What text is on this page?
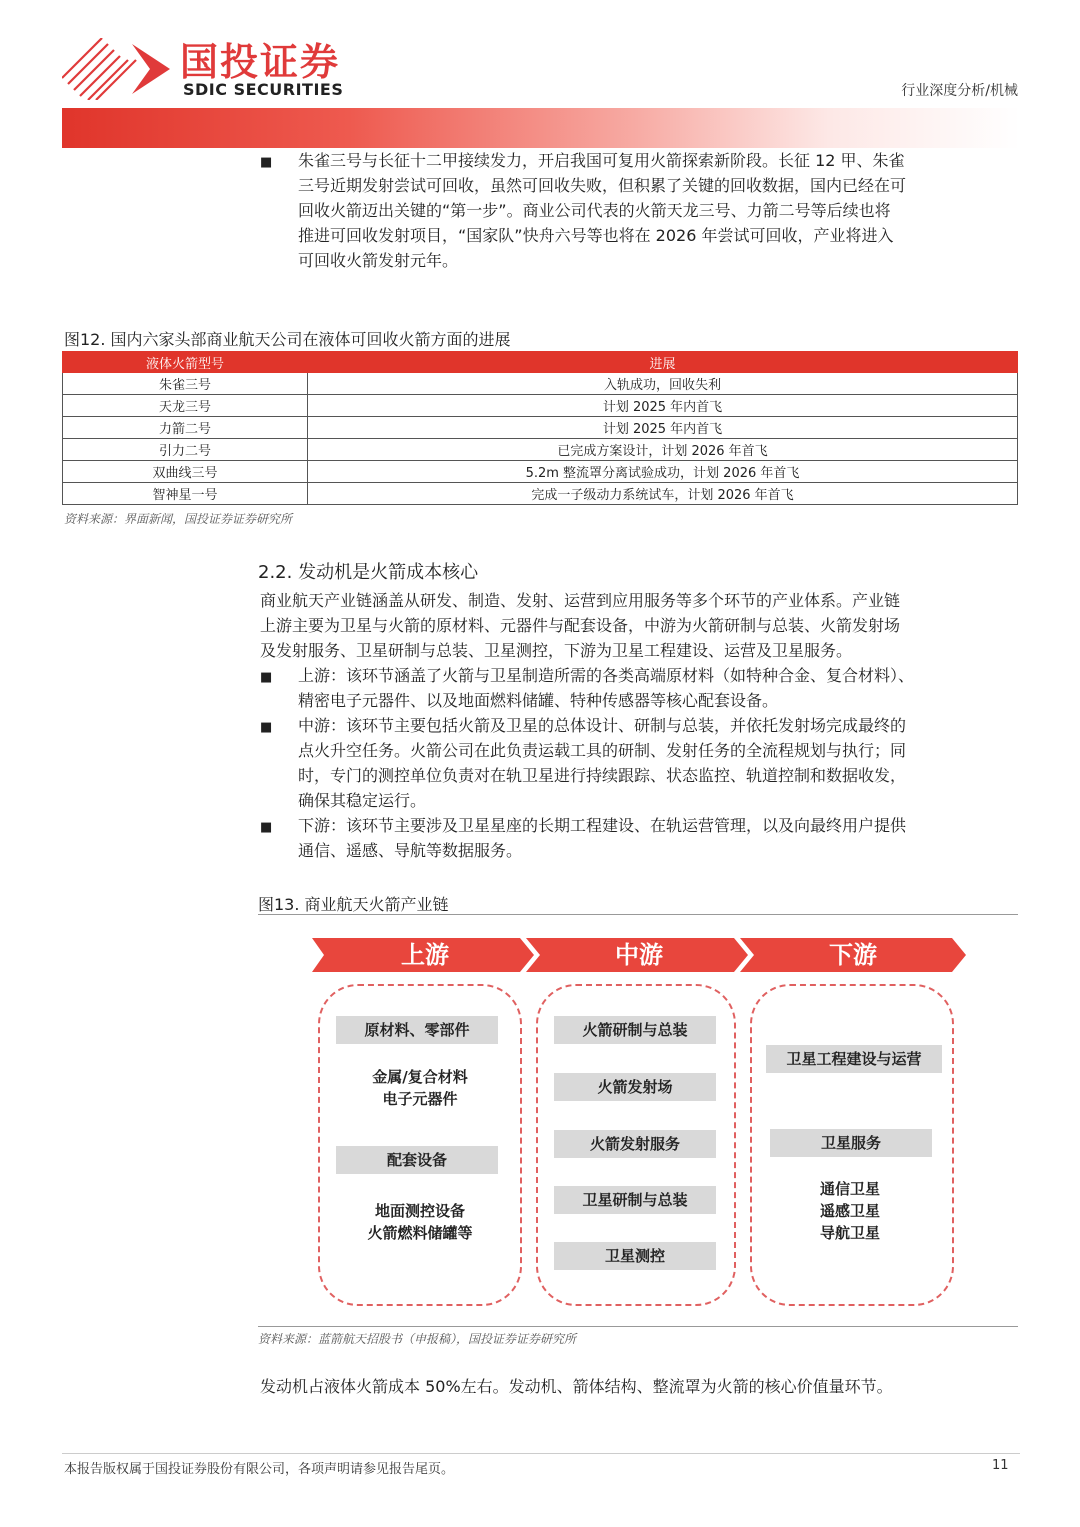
国投证券
SDIC SECURITIES	行业深度分析/机械
■ 朱雀三号与长征十二甲接续发力，开启我国可复用火箭探索新阶段。长征 12 甲、朱雀
三号近期发射尝试可回收，虽然可回收失败，但积累了关键的回收数据，国内已经在可
回收火箭迈出关键的“第一步”。商业公司代表的火箭天龙三号、力箭二号等后续也将
推进可回收发射项目，“国家队”快舟六号等也将在 2026 年尝试可回收，产业将进入
可回收火箭发射元年。
图12. 国内六家头部商业航天公司在液体可回收火箭方面的进展
液体火箭型号	进展
朱雀三号	入轨成功，回收失利
天龙三号	计划 2025 年内首飞
力箭二号	计划 2025 年内首飞
引力二号	已完成方案设计，计划 2026 年首飞
双曲线三号	5.2m 整流罩分离试验成功，计划 2026 年首飞
智神星一号	完成一子级动力系统试车，计划 2026 年首飞
资料来源：界面新闻，国投证券证券研究所
2.2. 发动机是火箭成本核心
商业航天产业链涵盖从研发、制造、发射、运营到应用服务等多个环节的产业体系。产业链
上游主要为卫星与火箭的原材料、元器件与配套设备，中游为火箭研制与总装、火箭发射场
及发射服务、卫星研制与总装、卫星测控，下游为卫星工程建设、运营及卫星服务。
■ 上游：该环节涵盖了火箭与卫星制造所需的各类高端原材料（如特种合金、复合材料）、
精密电子元器件、以及地面燃料储罐、特种传感器等核心配套设备。
■ 中游：该环节主要包括火箭及卫星的总体设计、研制与总装，并依托发射场完成最终的
点火升空任务。火箭公司在此负责运载工具的研制、发射任务的全流程规划与执行；同
时，专门的测控单位负责对在轨卫星进行持续跟踪、状态监控、轨道控制和数据收发，
确保其稳定运行。
■ 下游：该环节主要涉及卫星星座的长期工程建设、在轨运营管理，以及向最终用户提供
通信、遥感、导航等数据服务。
图13. 商业航天火箭产业链
上游	中游	下游
原材料、零部件
金属/复合材料
电子元器件
配套设备
地面测控设备
火箭燃料储罐等
火箭研制与总装
火箭发射场
火箭发射服务
卫星研制与总装
卫星测控
卫星工程建设与运营
卫星服务
通信卫星
遥感卫星
导航卫星
资料来源：蓝箭航天招股书（申报稿），国投证券证券研究所
发动机占液体火箭成本 50%左右。发动机、箭体结构、整流罩为火箭的核心价值量环节。
本报告版权属于国投证券股份有限公司，各项声明请参见报告尾页。	11
